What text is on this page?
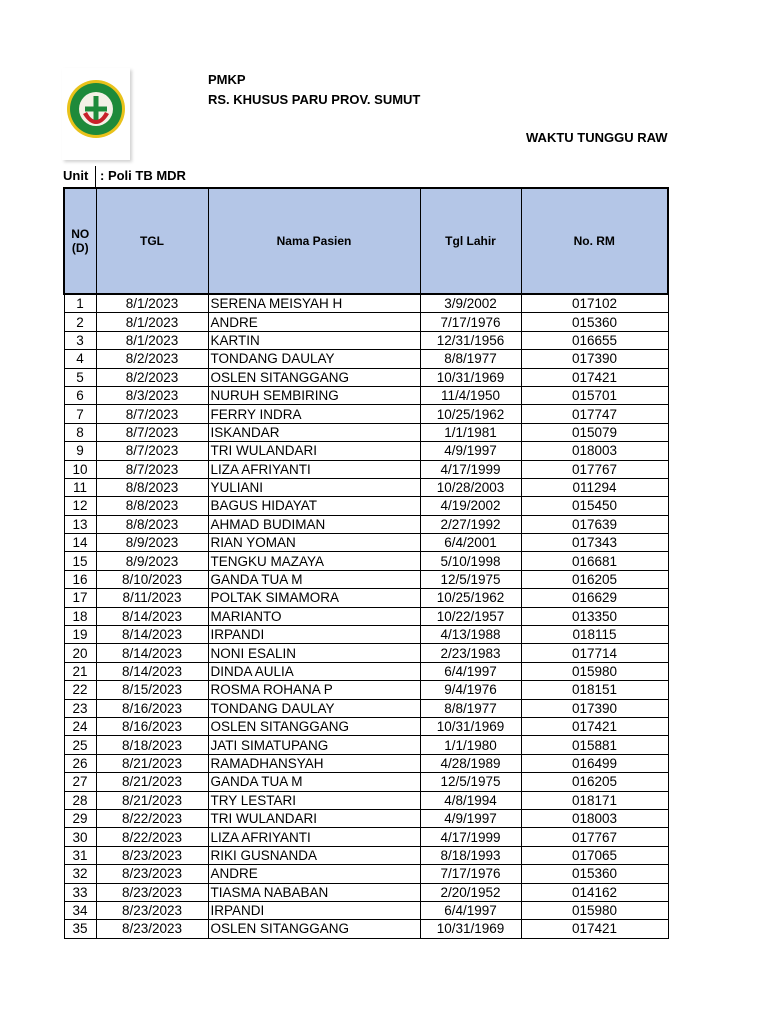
PMKP
RS. KHUSUS PARU PROV. SUMUT
WAKTU TUNGGU RAW
Unit : Poli TB MDR
NO (D)	TGL	Nama Pasien	Tgl Lahir	No. RM
1	8/1/2023	SERENA MEISYAH H	3/9/2002	017102
2	8/1/2023	ANDRE	7/17/1976	015360
3	8/1/2023	KARTIN	12/31/1956	016655
4	8/2/2023	TONDANG DAULAY	8/8/1977	017390
5	8/2/2023	OSLEN SITANGGANG	10/31/1969	017421
6	8/3/2023	NURUH SEMBIRING	11/4/1950	015701
7	8/7/2023	FERRY INDRA	10/25/1962	017747
8	8/7/2023	ISKANDAR	1/1/1981	015079
9	8/7/2023	TRI WULANDARI	4/9/1997	018003
10	8/7/2023	LIZA AFRIYANTI	4/17/1999	017767
11	8/8/2023	YULIANI	10/28/2003	011294
12	8/8/2023	BAGUS HIDAYAT	4/19/2002	015450
13	8/8/2023	AHMAD BUDIMAN	2/27/1992	017639
14	8/9/2023	RIAN YOMAN	6/4/2001	017343
15	8/9/2023	TENGKU MAZAYA	5/10/1998	016681
16	8/10/2023	GANDA TUA M	12/5/1975	016205
17	8/11/2023	POLTAK SIMAMORA	10/25/1962	016629
18	8/14/2023	MARIANTO	10/22/1957	013350
19	8/14/2023	IRPANDI	4/13/1988	018115
20	8/14/2023	NONI ESALIN	2/23/1983	017714
21	8/14/2023	DINDA AULIA	6/4/1997	015980
22	8/15/2023	ROSMA ROHANA P	9/4/1976	018151
23	8/16/2023	TONDANG DAULAY	8/8/1977	017390
24	8/16/2023	OSLEN SITANGGANG	10/31/1969	017421
25	8/18/2023	JATI SIMATUPANG	1/1/1980	015881
26	8/21/2023	RAMADHANSYAH	4/28/1989	016499
27	8/21/2023	GANDA TUA M	12/5/1975	016205
28	8/21/2023	TRY LESTARI	4/8/1994	018171
29	8/22/2023	TRI WULANDARI	4/9/1997	018003
30	8/22/2023	LIZA AFRIYANTI	4/17/1999	017767
31	8/23/2023	RIKI GUSNANDA	8/18/1993	017065
32	8/23/2023	ANDRE	7/17/1976	015360
33	8/23/2023	TIASMA NABABAN	2/20/1952	014162
34	8/23/2023	IRPANDI	6/4/1997	015980
35	8/23/2023	OSLEN SITANGGANG	10/31/1969	017421
